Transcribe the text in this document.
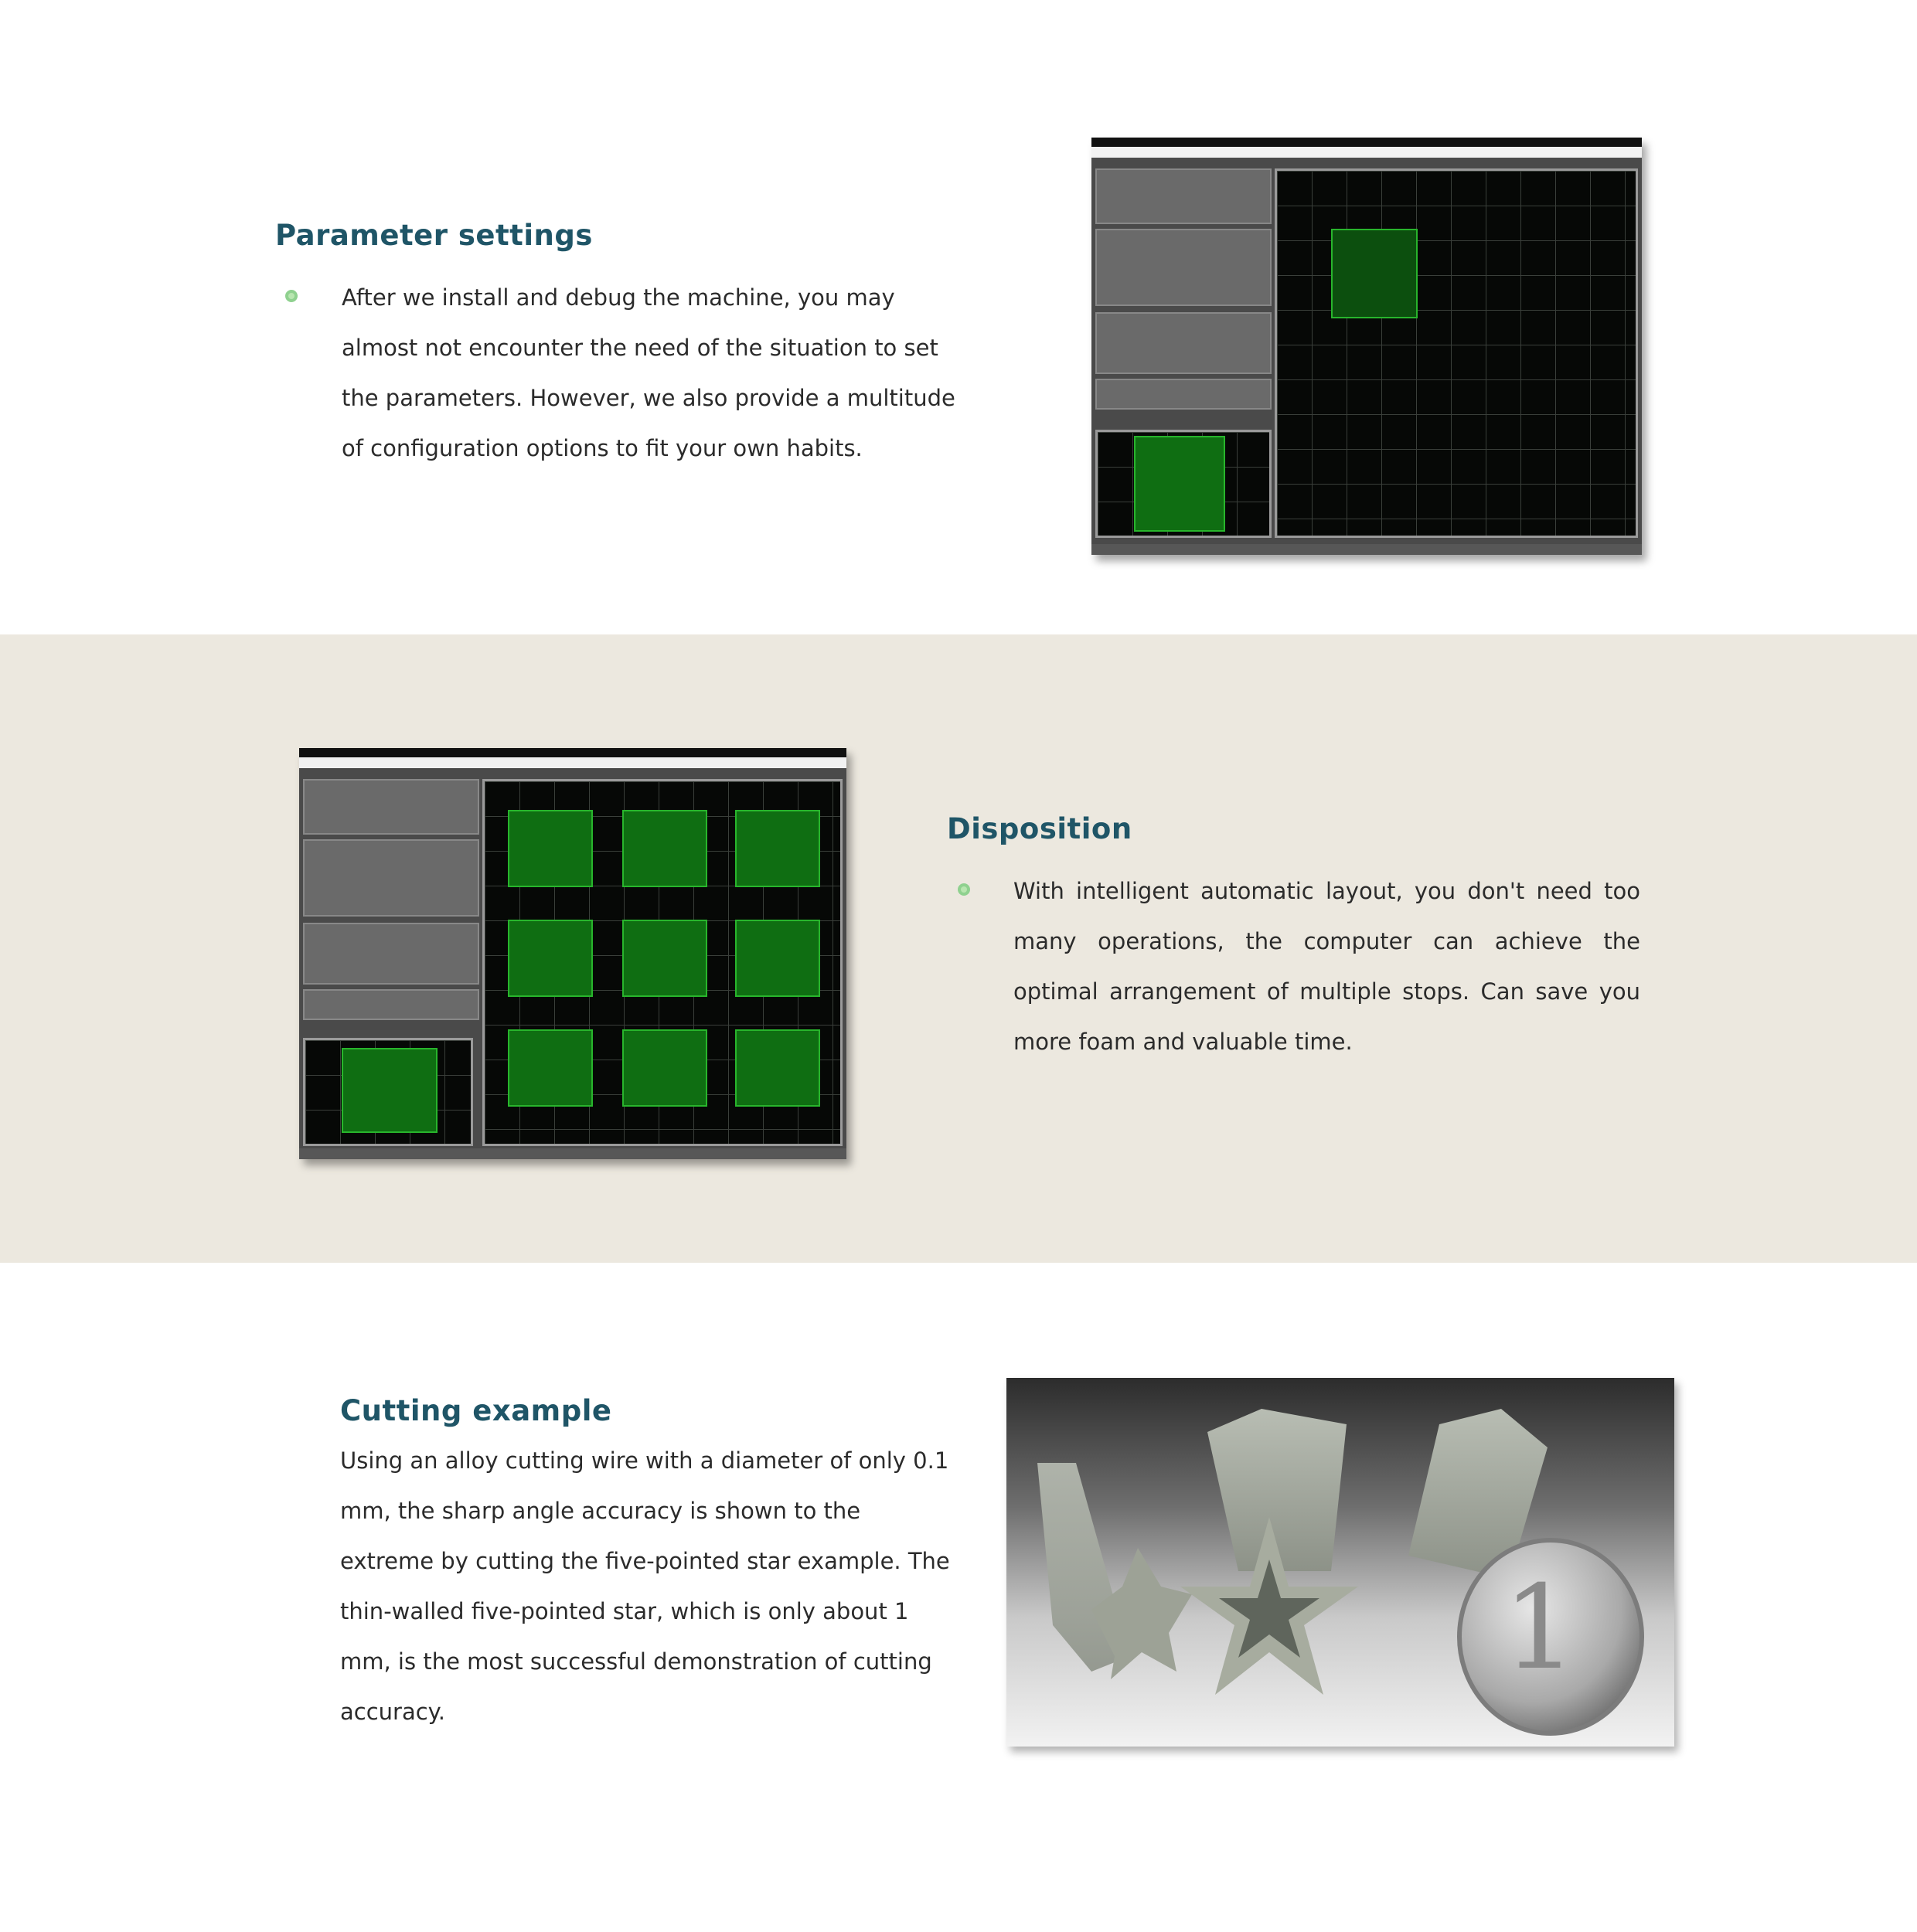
Parameter settings

After we install and debug the machine, you may almost not encounter the need of the situation to set the parameters. However, we also provide a multitude of configuration options to fit your own habits.

Disposition

With intelligent automatic layout, you don't need too many operations, the computer can achieve the optimal arrangement of multiple stops. Can save you more foam and valuable time.

Cutting example

Using an alloy cutting wire with a diameter of only 0.1 mm, the sharp angle accuracy is shown to the extreme by cutting the five-pointed star example. The thin-walled five-pointed star, which is only about 1 mm, is the most successful demonstration of cutting accuracy.

1
